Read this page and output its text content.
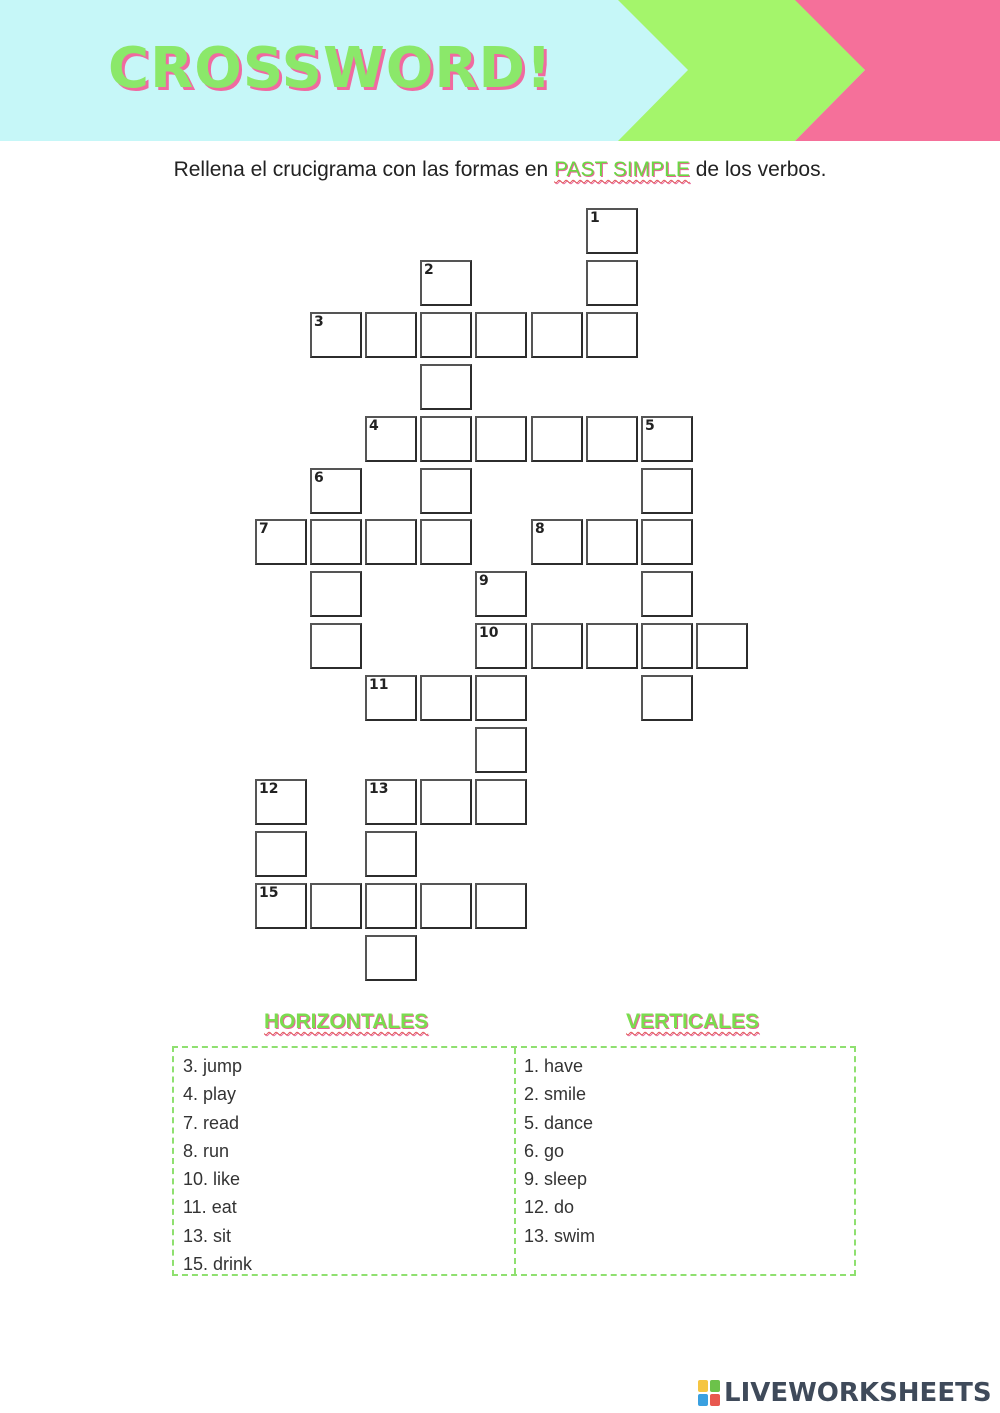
CROSSWORD!
Rellena el crucigrama con las formas en PAST SIMPLE de los verbos.
1
2
3
4	5
6
7	8
9
10
11
12	13
15
HORIZONTALES	VERTICALES
3. jump
4. play
7. read
8. run
10. like
11. eat
13. sit
15. drink
1. have
2. smile
5. dance
6. go
9. sleep
12. do
13. swim
LIVEWORKSHEETS
